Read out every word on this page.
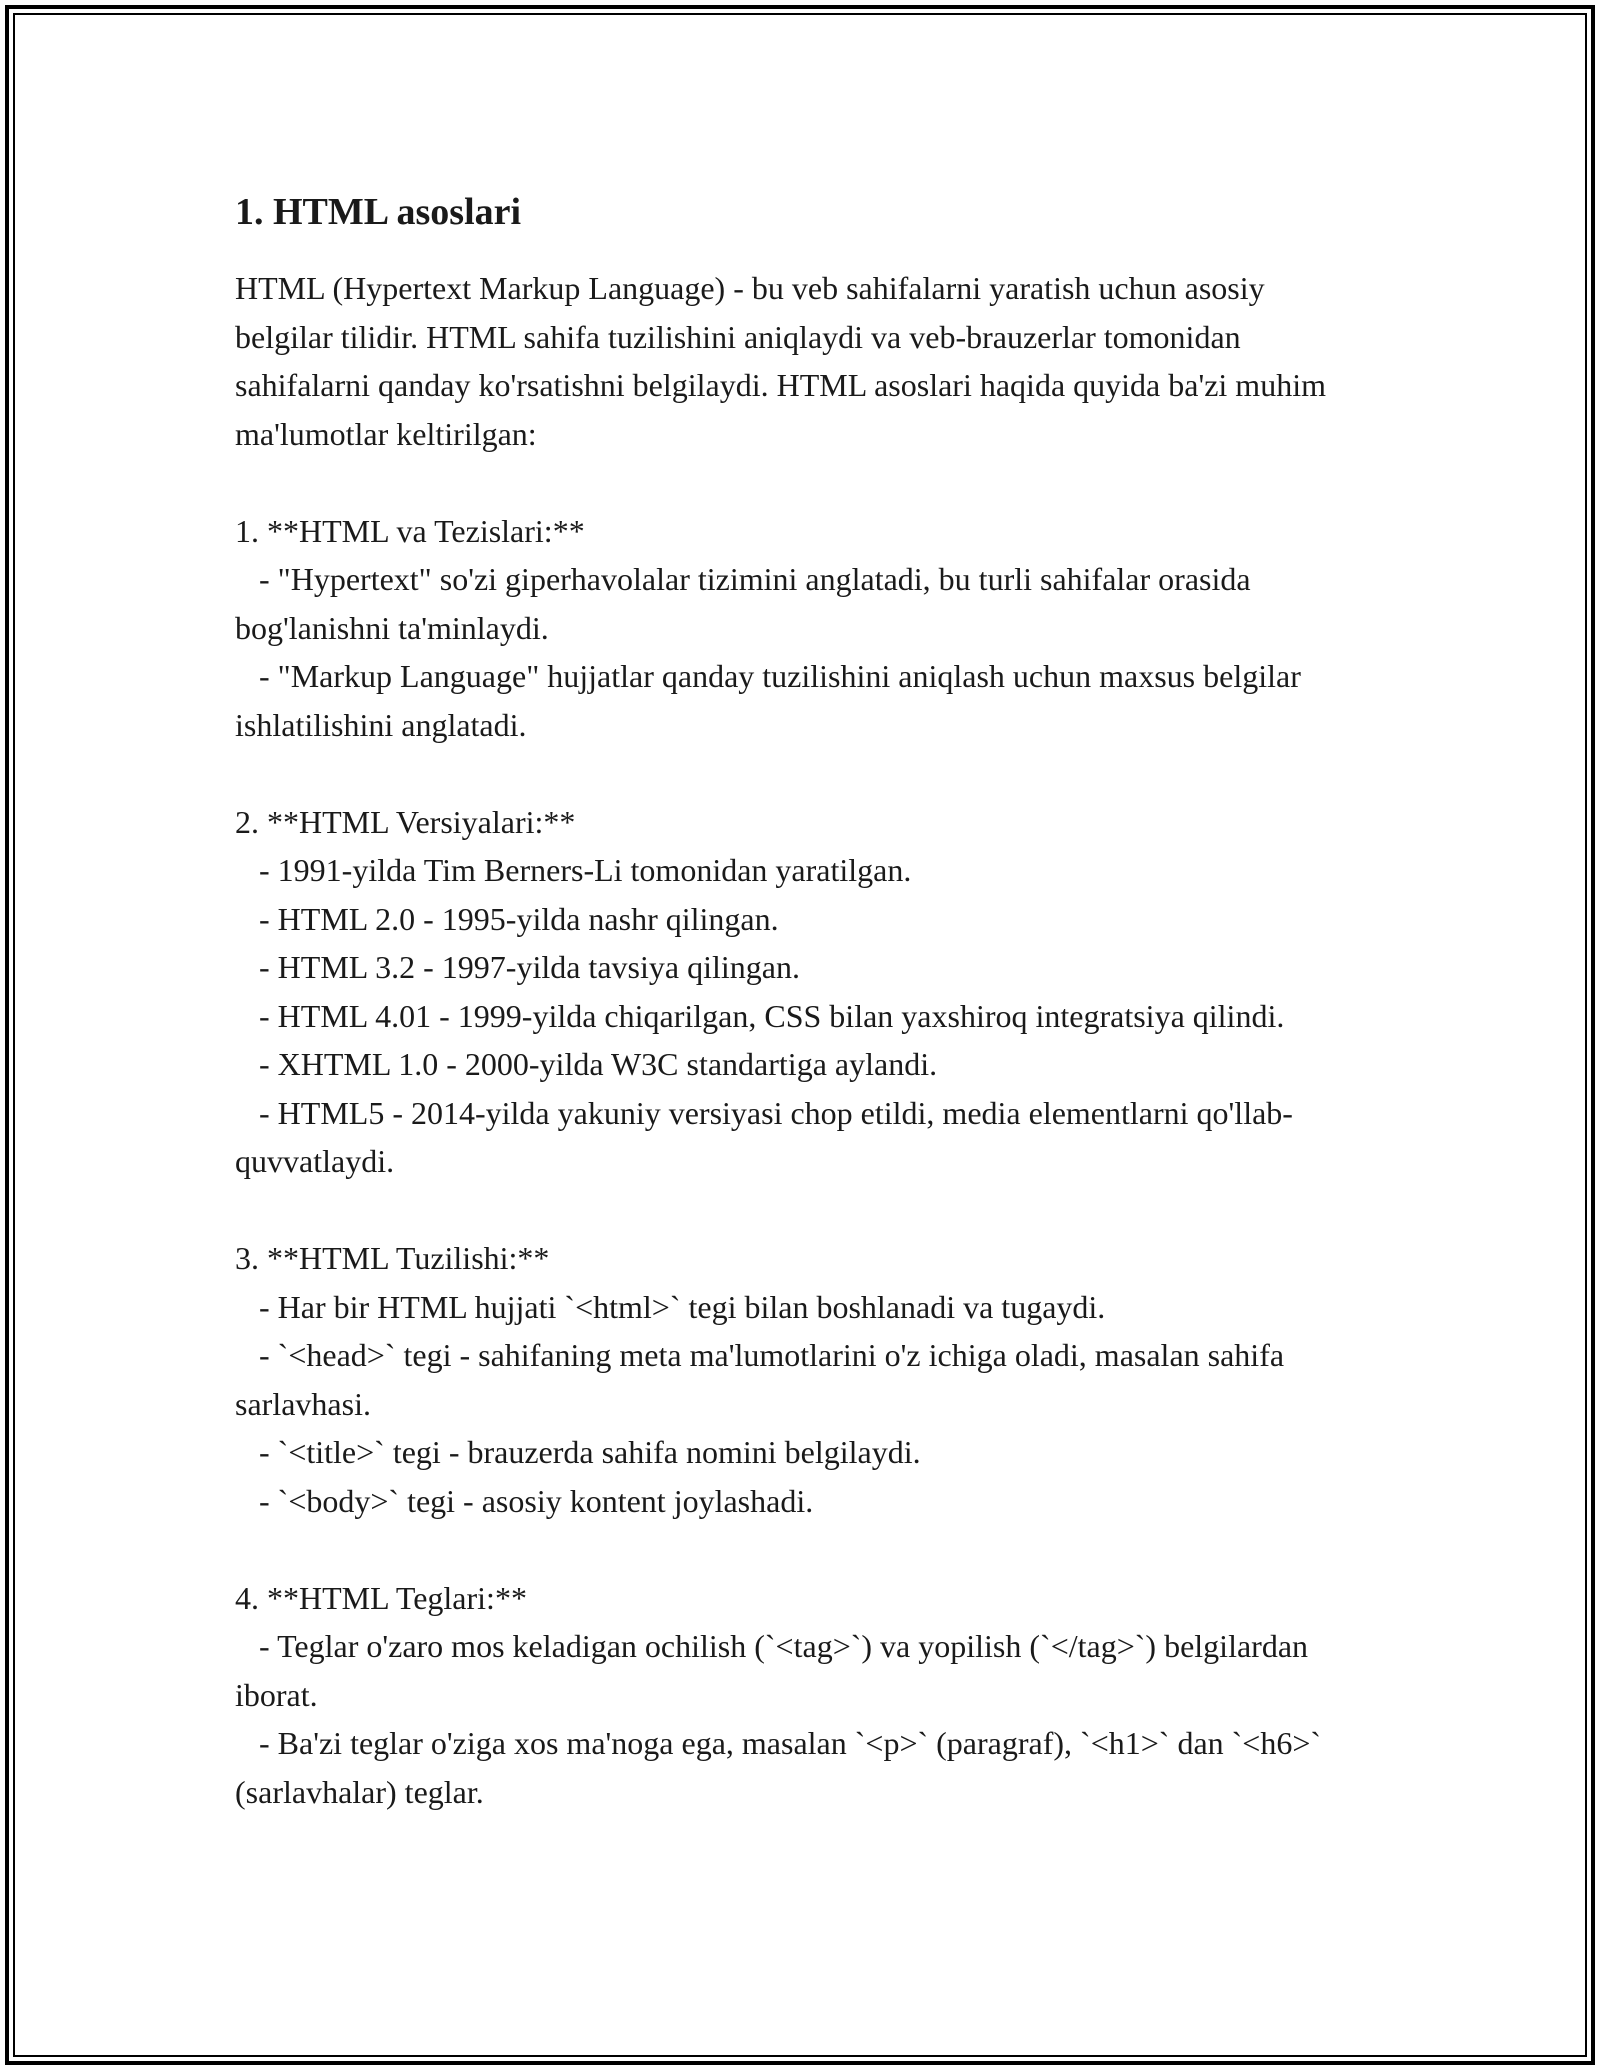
1. HTML asoslari

HTML (Hypertext Markup Language) - bu veb sahifalarni yaratish uchun asosiy belgilar tilidir. HTML sahifa tuzilishini aniqlaydi va veb-brauzerlar tomonidan sahifalarni qanday ko'rsatishni belgilaydi. HTML asoslari haqida quyida ba'zi muhim ma'lumotlar keltirilgan:

1. **HTML va Tezislari:**

- "Hypertext" so'zi giperhavolalar tizimini anglatadi, bu turli sahifalar orasida bog'lanishni ta'minlaydi.

- "Markup Language" hujjatlar qanday tuzilishini aniqlash uchun maxsus belgilar ishlatilishini anglatadi.

2. **HTML Versiyalari:**

- 1991-yilda Tim Berners-Li tomonidan yaratilgan.

- HTML 2.0 - 1995-yilda nashr qilingan.

- HTML 3.2 - 1997-yilda tavsiya qilingan.

- HTML 4.01 - 1999-yilda chiqarilgan, CSS bilan yaxshiroq integratsiya qilindi.

- XHTML 1.0 - 2000-yilda W3C standartiga aylandi.

- HTML5 - 2014-yilda yakuniy versiyasi chop etildi, media elementlarni qo'llab-quvvatlaydi.

3. **HTML Tuzilishi:**

- Har bir HTML hujjati `<html>` tegi bilan boshlanadi va tugaydi.

- `<head>` tegi - sahifaning meta ma'lumotlarini o'z ichiga oladi, masalan sahifa sarlavhasi.

- `<title>` tegi - brauzerda sahifa nomini belgilaydi.

- `<body>` tegi - asosiy kontent joylashadi.

4. **HTML Teglari:**

- Teglar o'zaro mos keladigan ochilish (`<tag>`) va yopilish (`</tag>`) belgilardan iborat.

- Ba'zi teglar o'ziga xos ma'noga ega, masalan `<p>` (paragraf), `<h1>` dan `<h6>` (sarlavhalar) teglar.
